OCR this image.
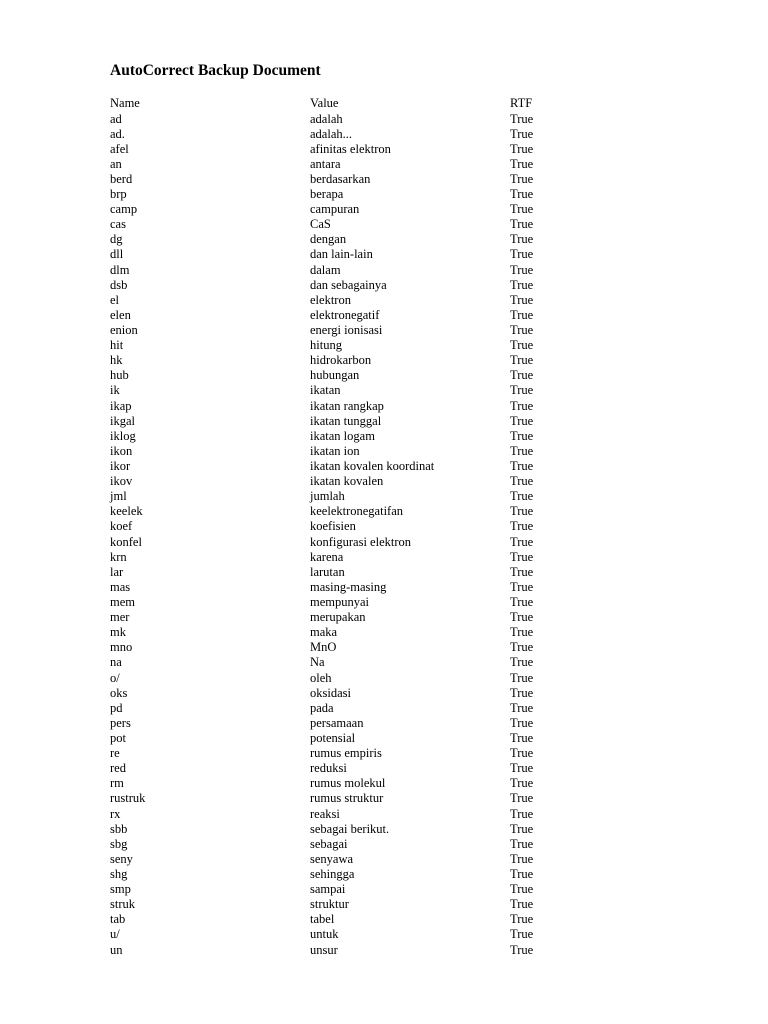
AutoCorrect Backup Document
Name	Value	RTF
ad	adalah	True
ad.	adalah...	True
afel	afinitas elektron	True
an	antara	True
berd	berdasarkan	True
brp	berapa	True
camp	campuran	True
cas	CaS	True
dg	dengan	True
dll	dan lain-lain	True
dlm	dalam	True
dsb	dan sebagainya	True
el	elektron	True
elen	elektronegatif	True
enion	energi ionisasi	True
hit	hitung	True
hk	hidrokarbon	True
hub	hubungan	True
ik	ikatan	True
ikap	ikatan rangkap	True
ikgal	ikatan tunggal	True
iklog	ikatan logam	True
ikon	ikatan ion	True
ikor	ikatan kovalen koordinat	True
ikov	ikatan kovalen	True
jml	jumlah	True
keelek	keelektronegatifan	True
koef	koefisien	True
konfel	konfigurasi elektron	True
krn	karena	True
lar	larutan	True
mas	masing-masing	True
mem	mempunyai	True
mer	merupakan	True
mk	maka	True
mno	MnO	True
na	Na	True
o/	oleh	True
oks	oksidasi	True
pd	pada	True
pers	persamaan	True
pot	potensial	True
re	rumus empiris	True
red	reduksi	True
rm	rumus molekul	True
rustruk	rumus struktur	True
rx	reaksi	True
sbb	sebagai berikut.	True
sbg	sebagai	True
seny	senyawa	True
shg	sehingga	True
smp	sampai	True
struk	struktur	True
tab	tabel	True
u/	untuk	True
un	unsur	True
